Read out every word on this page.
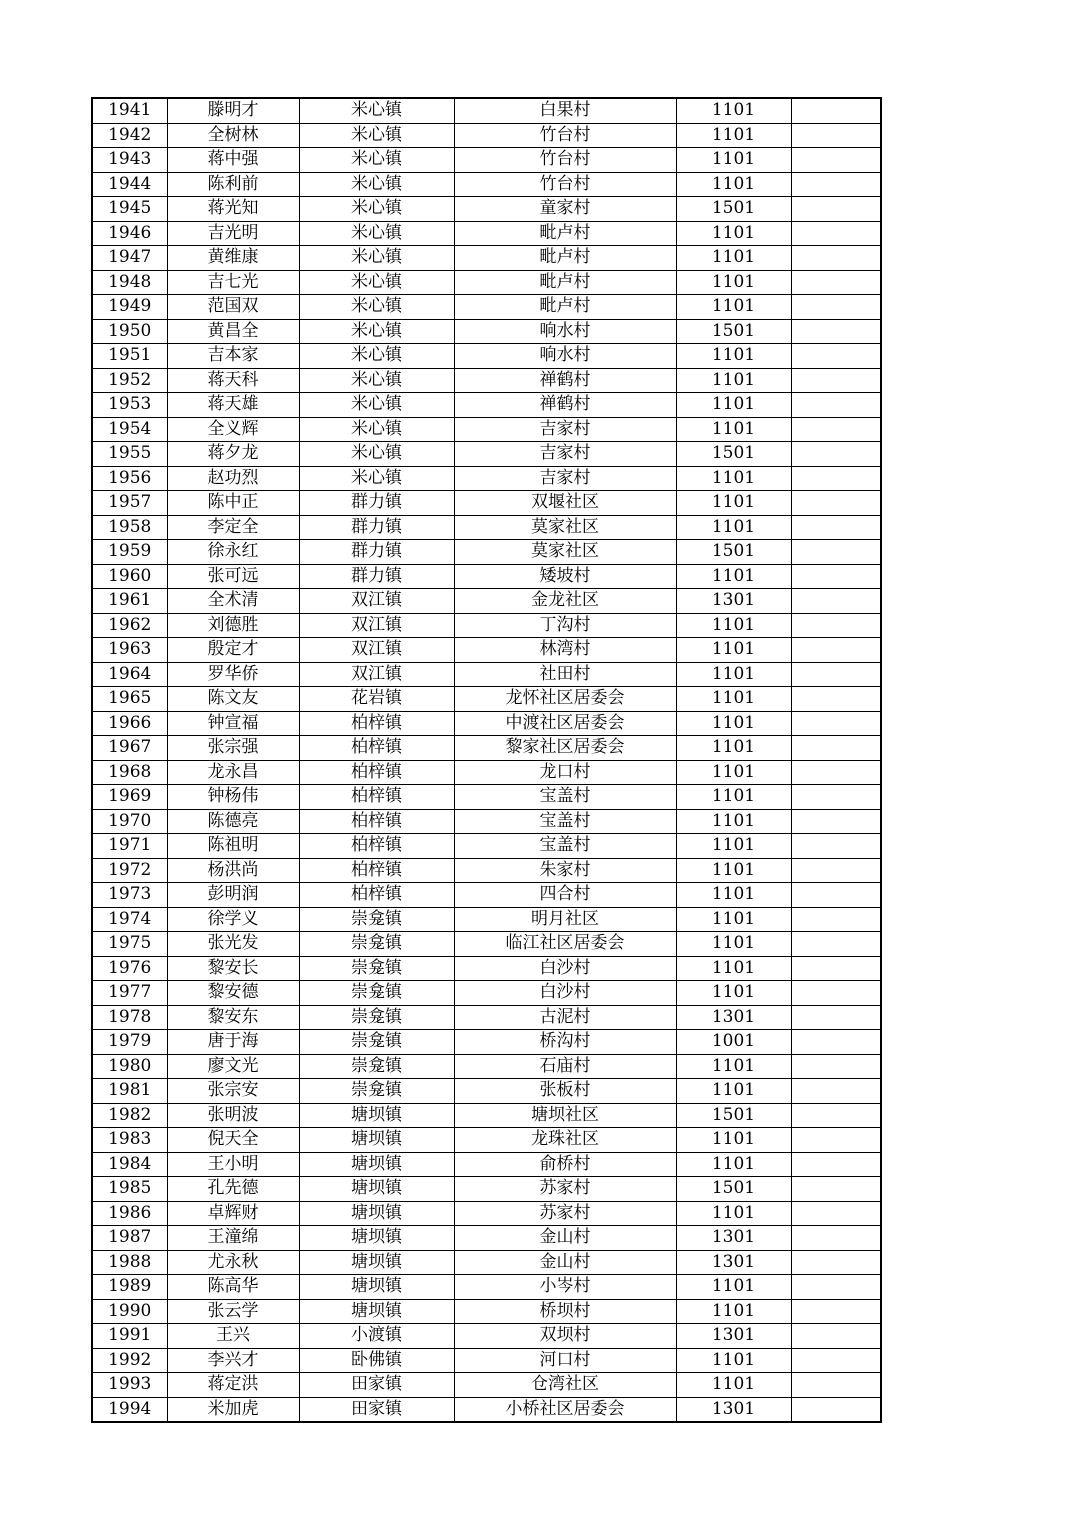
1941	滕明才	米心镇	白果村	1101	
1942	全树林	米心镇	竹台村	1101	
1943	蒋中强	米心镇	竹台村	1101	
1944	陈利前	米心镇	竹台村	1101	
1945	蒋光知	米心镇	童家村	1501	
1946	吉光明	米心镇	毗卢村	1101	
1947	黄维康	米心镇	毗卢村	1101	
1948	吉七光	米心镇	毗卢村	1101	
1949	范国双	米心镇	毗卢村	1101	
1950	黄昌全	米心镇	响水村	1501	
1951	吉本家	米心镇	响水村	1101	
1952	蒋天科	米心镇	禅鹤村	1101	
1953	蒋天雄	米心镇	禅鹤村	1101	
1954	全义辉	米心镇	吉家村	1101	
1955	蒋夕龙	米心镇	吉家村	1501	
1956	赵功烈	米心镇	吉家村	1101	
1957	陈中正	群力镇	双堰社区	1101	
1958	李定全	群力镇	莫家社区	1101	
1959	徐永红	群力镇	莫家社区	1501	
1960	张可远	群力镇	矮坡村	1101	
1961	全术清	双江镇	金龙社区	1301	
1962	刘德胜	双江镇	丁沟村	1101	
1963	殷定才	双江镇	林湾村	1101	
1964	罗华侨	双江镇	社田村	1101	
1965	陈文友	花岩镇	龙怀社区居委会	1101	
1966	钟宣福	柏梓镇	中渡社区居委会	1101	
1967	张宗强	柏梓镇	黎家社区居委会	1101	
1968	龙永昌	柏梓镇	龙口村	1101	
1969	钟杨伟	柏梓镇	宝盖村	1101	
1970	陈德亮	柏梓镇	宝盖村	1101	
1971	陈祖明	柏梓镇	宝盖村	1101	
1972	杨洪尚	柏梓镇	朱家村	1101	
1973	彭明润	柏梓镇	四合村	1101	
1974	徐学义	崇龛镇	明月社区	1101	
1975	张光发	崇龛镇	临江社区居委会	1101	
1976	黎安长	崇龛镇	白沙村	1101	
1977	黎安德	崇龛镇	白沙村	1101	
1978	黎安东	崇龛镇	古泥村	1301	
1979	唐于海	崇龛镇	桥沟村	1001	
1980	廖文光	崇龛镇	石庙村	1101	
1981	张宗安	崇龛镇	张板村	1101	
1982	张明波	塘坝镇	塘坝社区	1501	
1983	倪天全	塘坝镇	龙珠社区	1101	
1984	王小明	塘坝镇	俞桥村	1101	
1985	孔先德	塘坝镇	苏家村	1501	
1986	卓辉财	塘坝镇	苏家村	1101	
1987	王潼绵	塘坝镇	金山村	1301	
1988	尤永秋	塘坝镇	金山村	1301	
1989	陈高华	塘坝镇	小岑村	1101	
1990	张云学	塘坝镇	桥坝村	1101	
1991	王兴	小渡镇	双坝村	1301	
1992	李兴才	卧佛镇	河口村	1101	
1993	蒋定洪	田家镇	仓湾社区	1101	
1994	米加虎	田家镇	小桥社区居委会	1301	
